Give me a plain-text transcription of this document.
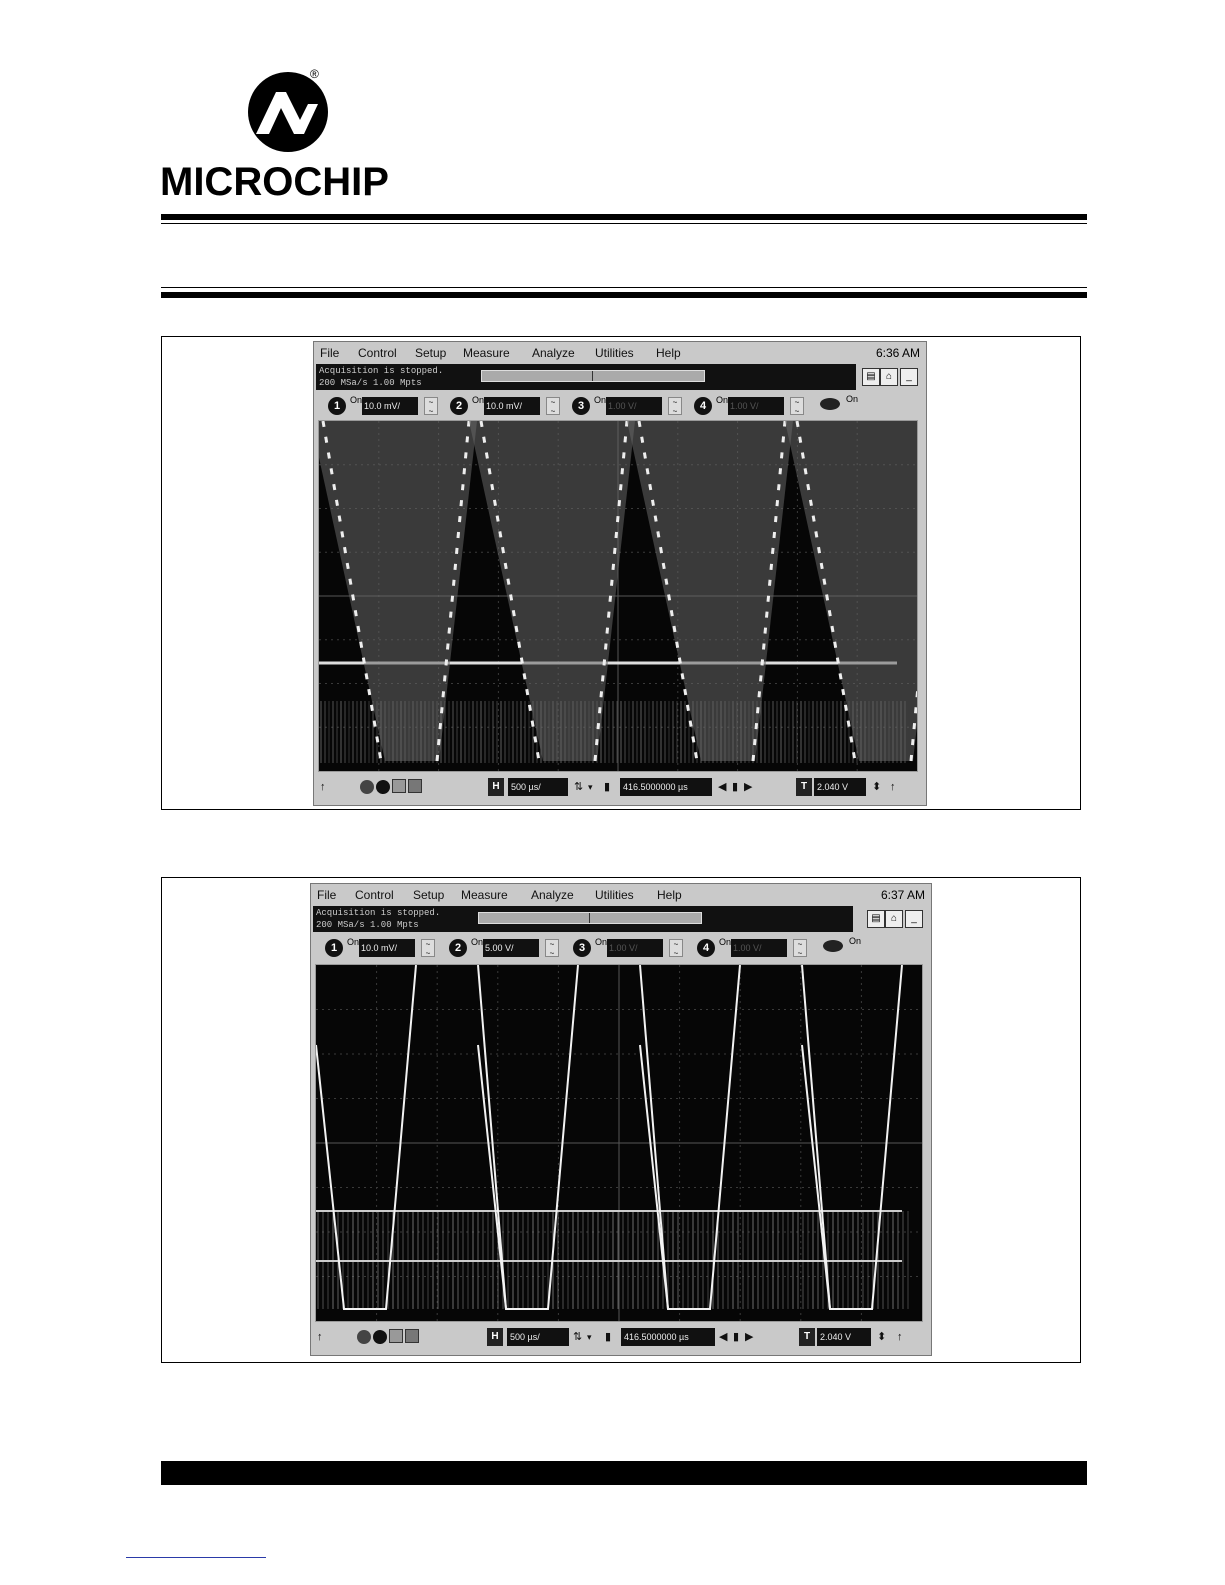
®
MICROCHIP
File Control Setup Measure Analyze Utilities Help	6:36 AM
Acquisition is stopped.
200 MSa/s 1.00 Mpts
▤	⌂	_
1	On
10.0 mV/	~
~	2	On
10.0 mV/	~
~	3	On
1.00 V/	~
~	4	On
1.00 V/	~
~
On
↑	H	500 µs/	⇅ ▾ ▮	416.5000000 µs	◀ ▮ ▶	T	2.040 V	⬍ ↑
File Control Setup Measure Analyze Utilities Help	6:37 AM
Acquisition is stopped.
200 MSa/s 1.00 Mpts
▤	⌂	_
1	On
10.0 mV/	~
~	2	On
5.00 V/	~
~	3	On
1.00 V/	~
~	4	On
1.00 V/	~
~
On
↑	H	500 µs/	⇅ ▾ ▮	416.5000000 µs	◀ ▮ ▶	T	2.040 V	⬍ ↑
